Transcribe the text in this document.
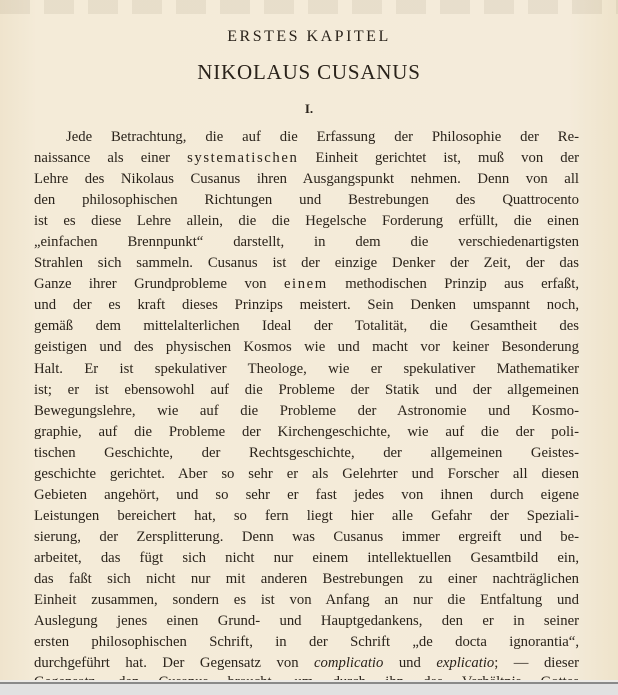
ERSTES KAPITEL
NIKOLAUS CUSANUS
I.
Jede Betrachtung, die auf die Erfassung der Philosophie der Re-
naissance als einer systematischen Einheit gerichtet ist, muß von der
Lehre des Nikolaus Cusanus ihren Ausgangspunkt nehmen. Denn von all
den philosophischen Richtungen und Bestrebungen des Quattrocento
ist es diese Lehre allein, die die Hegelsche Forderung erfüllt, die einen
„einfachen Brennpunkt“ darstellt, in dem die verschiedenartigsten
Strahlen sich sammeln. Cusanus ist der einzige Denker der Zeit, der das
Ganze ihrer Grundprobleme von einem methodischen Prinzip aus erfaßt,
und der es kraft dieses Prinzips meistert. Sein Denken umspannt noch,
gemäß dem mittelalterlichen Ideal der Totalität, die Gesamtheit des
geistigen und des physischen Kosmos wie und macht vor keiner Besonderung
Halt. Er ist spekulativer Theologe, wie er spekulativer Mathematiker
ist; er ist ebensowohl auf die Probleme der Statik und der allgemeinen
Bewegungslehre, wie auf die Probleme der Astronomie und Kosmo-
graphie, auf die Probleme der Kirchengeschichte, wie auf die der poli-
tischen Geschichte, der Rechtsgeschichte, der allgemeinen Geistes-
geschichte gerichtet. Aber so sehr er als Gelehrter und Forscher all diesen
Gebieten angehört, und so sehr er fast jedes von ihnen durch eigene
Leistungen bereichert hat, so fern liegt hier alle Gefahr der Speziali-
sierung, der Zersplitterung. Denn was Cusanus immer ergreift und be-
arbeitet, das fügt sich nicht nur einem intellektuellen Gesamtbild ein,
das faßt sich nicht nur mit anderen Bestrebungen zu einer nachträglichen
Einheit zusammen, sondern es ist von Anfang an nur die Entfaltung und
Auslegung jenes einen Grund- und Hauptgedankens, den er in seiner
ersten philosophischen Schrift, in der Schrift „de docta ignorantia“,
durchgeführt hat. Der Gegensatz von complicatio und explicatio; — dieser
